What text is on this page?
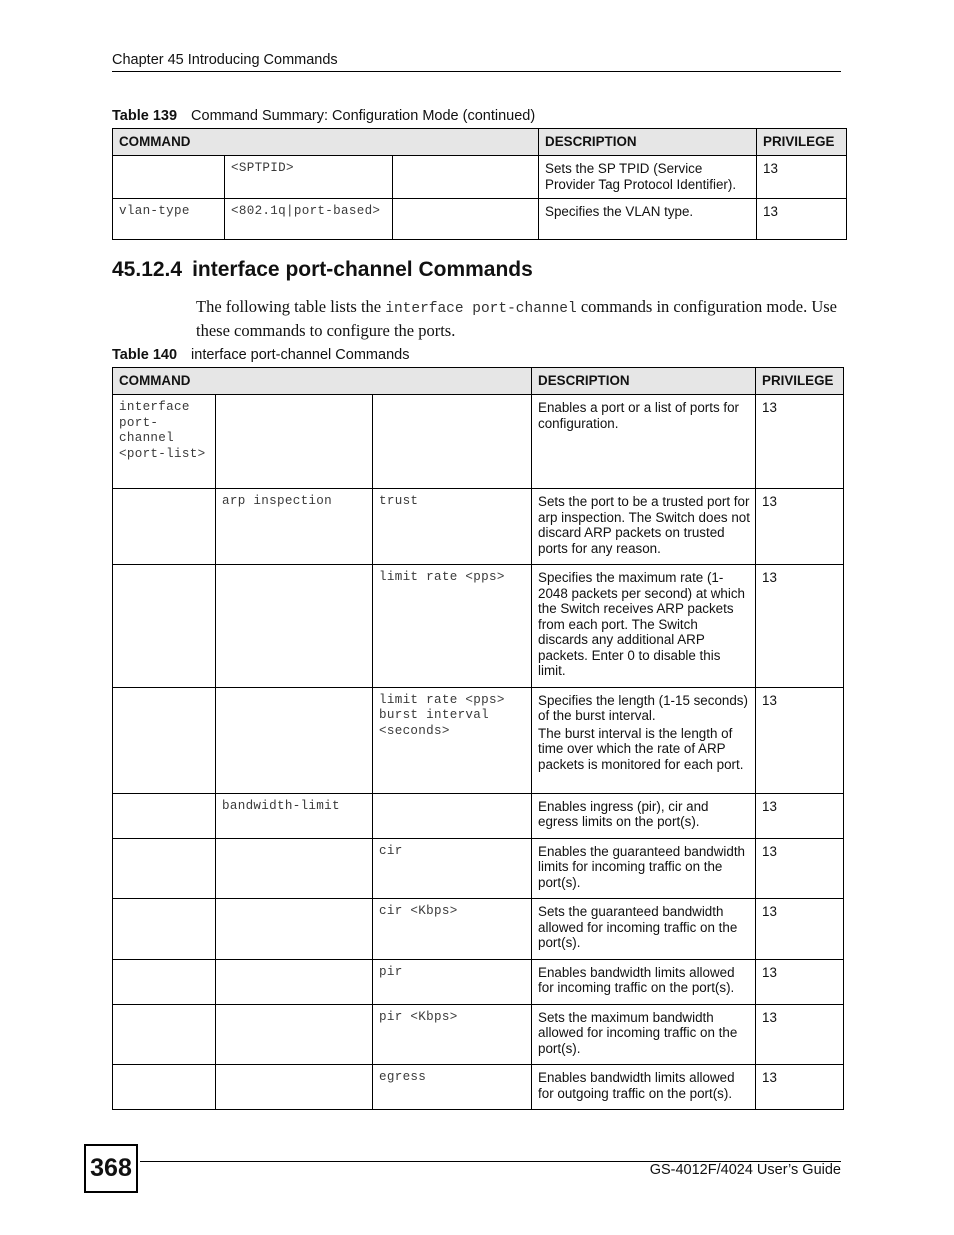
Chapter 45 Introducing Commands
Table 139 Command Summary: Configuration Mode (continued)
COMMAND			DESCRIPTION	PRIVILEGE
	<SPTPID>		Sets the SP TPID (Service Provider Tag Protocol Identifier).	13
vlan-type	<802.1q|port-based>		Specifies the VLAN type.	13
45.12.4 interface port-channel Commands
The following table lists the interface port-channel commands in configuration mode. Use these commands to configure the ports.
Table 140 interface port-channel Commands
COMMAND			DESCRIPTION	PRIVILEGE
interface port-channel <port-list>			Enables a port or a list of ports for configuration.	13
	arp inspection	trust	Sets the port to be a trusted port for arp inspection. The Switch does not discard ARP packets on trusted ports for any reason.	13
		limit rate <pps>	Specifies the maximum rate (1-2048 packets per second) at which the Switch receives ARP packets from each port. The Switch discards any additional ARP packets. Enter 0 to disable this limit.	13
		limit rate <pps> burst interval <seconds>	Specifies the length (1-15 seconds) of the burst interval.

The burst interval is the length of time over which the rate of ARP packets is monitored for each port.	13
	bandwidth-limit		Enables ingress (pir), cir and egress limits on the port(s).	13
		cir	Enables the guaranteed bandwidth limits for incoming traffic on the port(s).	13
		cir <Kbps>	Sets the guaranteed bandwidth allowed for incoming traffic on the port(s).	13
		pir	Enables bandwidth limits allowed for incoming traffic on the port(s).	13
		pir <Kbps>	Sets the maximum bandwidth allowed for incoming traffic on the port(s).	13
		egress	Enables bandwidth limits allowed for outgoing traffic on the port(s).	13
368	GS-4012F/4024 User’s Guide
